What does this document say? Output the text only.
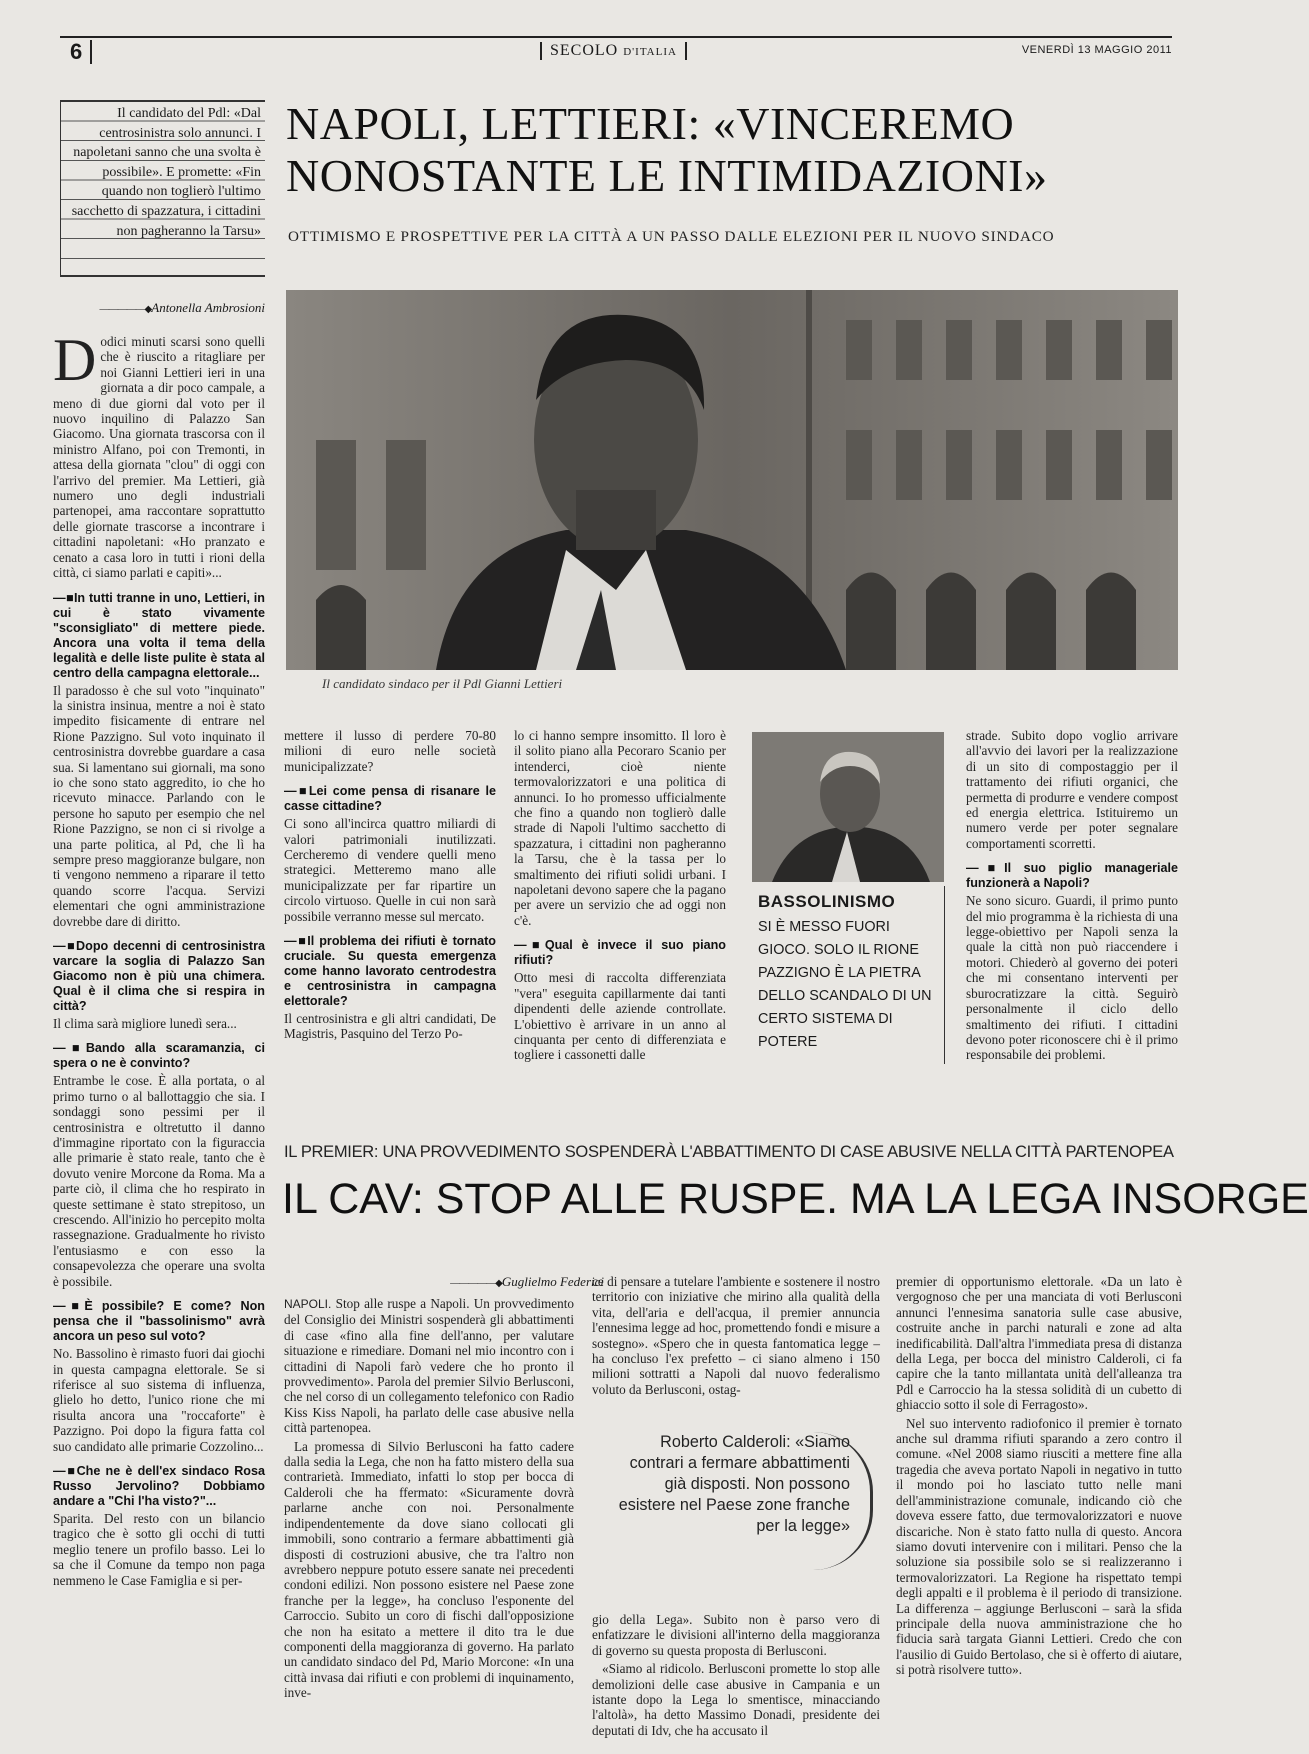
6	SECOLO D'ITALIA	VENERDÌ 13 MAGGIO 2011
Il candidato del Pdl: «Dal centrosinistra solo annunci. I napoletani sanno che una svolta è possibile». E promette: «Fin quando non toglierò l'ultimo sacchetto di spazzatura, i cittadini non pagheranno la Tarsu»
NAPOLI, LETTIERI: «VINCEREMO
NONOSTANTE LE INTIMIDAZIONI»
OTTIMISMO E PROSPETTIVE PER LA CITTÀ A UN PASSO DALLE ELEZIONI PER IL NUOVO SINDACO
—————◆ Antonella Ambrosioni
Il candidato sindaco per il Pdl Gianni Lettieri

Dodici minuti scarsi sono quelli che è riuscito a ritagliare per noi Gianni Lettieri ieri in una giornata a dir poco campale, a meno di due giorni dal voto per il nuovo inquilino di Palazzo San Giacomo. Una giornata trascorsa con il ministro Alfano, poi con Tremonti, in attesa della giornata "clou" di oggi con l'arrivo del premier. Ma Lettieri, già numero uno degli industriali partenopei, ama raccontare soprattutto delle giornate trascorse a incontrare i cittadini napoletani: «Ho pranzato e cenato a casa loro in tutti i rioni della città, ci siamo parlati e capiti»...

—■ In tutti tranne in uno, Lettieri, in cui è stato vivamente "sconsigliato" di mettere piede. Ancora una volta il tema della legalità e delle liste pulite è stata al centro della campagna elettorale...

Il paradosso è che sul voto "inquinato" la sinistra insinua, mentre a noi è stato impedito fisicamente di entrare nel Rione Pazzigno. Sul voto inquinato il centrosinistra dovrebbe guardare a casa sua. Si lamentano sui giornali, ma sono io che sono stato aggredito, io che ho ricevuto minacce. Parlando con le persone ho saputo per esempio che nel Rione Pazzigno, se non ci si rivolge a una parte politica, al Pd, che lì ha sempre preso maggioranze bulgare, non ti vengono nemmeno a riparare il tetto quando scorre l'acqua. Servizi elementari che ogni amministrazione dovrebbe dare di diritto.

—■ Dopo decenni di centrosinistra varcare la soglia di Palazzo San Giacomo non è più una chimera. Qual è il clima che si respira in città?

Il clima sarà migliore lunedì sera...

—■ Bando alla scaramanzia, ci spera o ne è convinto?

Entrambe le cose. È alla portata, o al primo turno o al ballottaggio che sia. I sondaggi sono pessimi per il centrosinistra e oltretutto il danno d'immagine riportato con la figuraccia alle primarie è stato reale, tanto che è dovuto venire Morcone da Roma. Ma a parte ciò, il clima che ho respirato in queste settimane è stato strepitoso, un crescendo. All'inizio ho percepito molta rassegnazione. Gradualmente ho rivisto l'entusiasmo e con esso la consapevolezza che operare una svolta è possibile.

—■ È possibile? E come? Non pensa che il "bassolinismo" avrà ancora un peso sul voto?

No. Bassolino è rimasto fuori dai giochi in questa campagna elettorale. Se si riferisce al suo sistema di influenza, glielo ho detto, l'unico rione che mi risulta ancora una "roccaforte" è Pazzigno. Poi dopo la figura fatta col suo candidato alle primarie Cozzolino...

—■ Che ne è dell'ex sindaco Rosa Russo Jervolino? Dobbiamo andare a "Chi l'ha visto?"...

Sparita. Del resto con un bilancio tragico che è sotto gli occhi di tutti meglio tenere un profilo basso. Lei lo sa che il Comune da tempo non paga nemmeno le Case Famiglia e si per-

mettere il lusso di perdere 70-80 milioni di euro nelle società municipalizzate?

—■ Lei come pensa di risanare le casse cittadine?

Ci sono all'incirca quattro miliardi di valori patrimoniali inutilizzati. Cercheremo di vendere quelli meno strategici. Metteremo mano alle municipalizzate per far ripartire un circolo virtuoso. Quelle in cui non sarà possibile verranno messe sul mercato.

—■ Il problema dei rifiuti è tornato cruciale. Su questa emergenza come hanno lavorato centrodestra e centrosinistra in campagna elettorale?

Il centrosinistra e gli altri candidati, De Magistris, Pasquino del Terzo Po-

lo ci hanno sempre insomitto. Il loro è il solito piano alla Pecoraro Scanio per intenderci, cioè niente termovalorizzatori e una politica di annunci. Io ho promesso ufficialmente che fino a quando non toglierò dalle strade di Napoli l'ultimo sacchetto di spazzatura, i cittadini non pagheranno la Tarsu, che è la tassa per lo smaltimento dei rifiuti solidi urbani. I napoletani devono sapere che la pagano per avere un servizio che ad oggi non c'è.

—■ Qual è invece il suo piano rifiuti?

Otto mesi di raccolta differenziata "vera" eseguita capillarmente dai tanti dipendenti delle aziende controllate. L'obiettivo è arrivare in un anno al cinquanta per cento di differenziata e togliere i cassonetti dalle

BASSOLINISMO
SI È MESSO FUORI GIOCO. SOLO IL RIONE PAZZIGNO È LA PIETRA DELLO SCANDALO DI UN CERTO SISTEMA DI POTERE

strade. Subito dopo voglio arrivare all'avvio dei lavori per la realizzazione di un sito di compostaggio per il trattamento dei rifiuti organici, che permetta di produrre e vendere compost ed energia elettrica. Istituiremo un numero verde per poter segnalare comportamenti scorretti.

—■ Il suo piglio manageriale funzionerà a Napoli?

Ne sono sicuro. Guardi, il primo punto del mio programma è la richiesta di una legge-obiettivo per Napoli senza la quale la città non può riaccendere i motori. Chiederò al governo dei poteri che mi consentano interventi per sburocratizzare la città. Seguirò personalmente il ciclo dello smaltimento dei rifiuti. I cittadini devono poter riconoscere chi è il primo responsabile dei problemi.

IL PREMIER: UNA PROVVEDIMENTO SOSPENDERÀ L'ABBATTIMENTO DI CASE ABUSIVE NELLA CITTÀ PARTENOPEA
IL CAV: STOP ALLE RUSPE. MA LA LEGA INSORGE
—————◆ Guglielmo Federici

NAPOLI. Stop alle ruspe a Napoli. Un provvedimento del Consiglio dei Ministri sospenderà gli abbattimenti di case «fino alla fine dell'anno, per valutare situazione e rimediare. Domani nel mio incontro con i cittadini di Napoli farò vedere che ho pronto il provvedimento». Parola del premier Silvio Berlusconi, che nel corso di un collegamento telefonico con Radio Kiss Kiss Napoli, ha parlato delle case abusive nella città partenopea.

La promessa di Silvio Berlusconi ha fatto cadere dalla sedia la Lega, che non ha fatto mistero della sua contrarietà. Immediato, infatti lo stop per bocca di Calderoli che ha ffermato: «Sicuramente dovrà parlarne anche con noi. Personalmente indipendentemente da dove siano collocati gli immobili, sono contrario a fermare abbattimenti già disposti di costruzioni abusive, che tra l'altro non avrebbero neppure potuto essere sanate nei precedenti condoni edilizi. Non possono esistere nel Paese zone franche per la legge», ha concluso l'esponente del Carroccio. Subito un coro di fischi dall'opposizione che non ha esitato a mettere il dito tra le due componenti della maggioranza di governo. Ha parlato un candidato sindaco del Pd, Mario Morcone: «In una città invasa dai rifiuti e con problemi di inquinamento, inve-

ce di pensare a tutelare l'ambiente e sostenere il nostro territorio con iniziative che mirino alla qualità della vita, dell'aria e dell'acqua, il premier annuncia l'ennesima legge ad hoc, promettendo fondi e misure a sostegno». «Spero che in questa fantomatica legge – ha concluso l'ex prefetto – ci siano almeno i 150 milioni sottratti a Napoli dal nuovo federalismo voluto da Berlusconi, ostag-

Roberto Calderoli: «Siamo contrari a fermare abbattimenti già disposti. Non possono esistere nel Paese zone franche per la legge»

gio della Lega». Subito non è parso vero di enfatizzare le divisioni all'interno della maggioranza di governo su questa proposta di Berlusconi.

«Siamo al ridicolo. Berlusconi promette lo stop alle demolizioni delle case abusive in Campania e un istante dopo la Lega lo smentisce, minacciando l'altolà», ha detto Massimo Donadi, presidente dei deputati di Idv, che ha accusato il

premier di opportunismo elettorale. «Da un lato è vergognoso che per una manciata di voti Berlusconi annunci l'ennesima sanatoria sulle case abusive, costruite anche in parchi naturali e zone ad alta inedificabilità. Dall'altra l'immediata presa di distanza della Lega, per bocca del ministro Calderoli, ci fa capire che la tanto millantata unità dell'alleanza tra Pdl e Carroccio ha la stessa solidità di un cubetto di ghiaccio sotto il sole di Ferragosto».

Nel suo intervento radiofonico il premier è tornato anche sul dramma rifiuti sparando a zero contro il comune. «Nel 2008 siamo riusciti a mettere fine alla tragedia che aveva portato Napoli in negativo in tutto il mondo poi ho lasciato tutto nelle mani dell'amministrazione comunale, indicando ciò che doveva essere fatto, due termovalorizzatori e nuove discariche. Non è stato fatto nulla di questo. Ancora siamo dovuti intervenire con i militari. Penso che la soluzione sia possibile solo se si realizzeranno i termovalorizzatori. La Regione ha rispettato tempi degli appalti e il problema è il periodo di transizione. La differenza – aggiunge Berlusconi – sarà la sfida principale della nuova amministrazione che ho fiducia sarà targata Gianni Lettieri. Credo che con l'ausilio di Guido Bertolaso, che si è offerto di aiutare, si potrà risolvere tutto».
